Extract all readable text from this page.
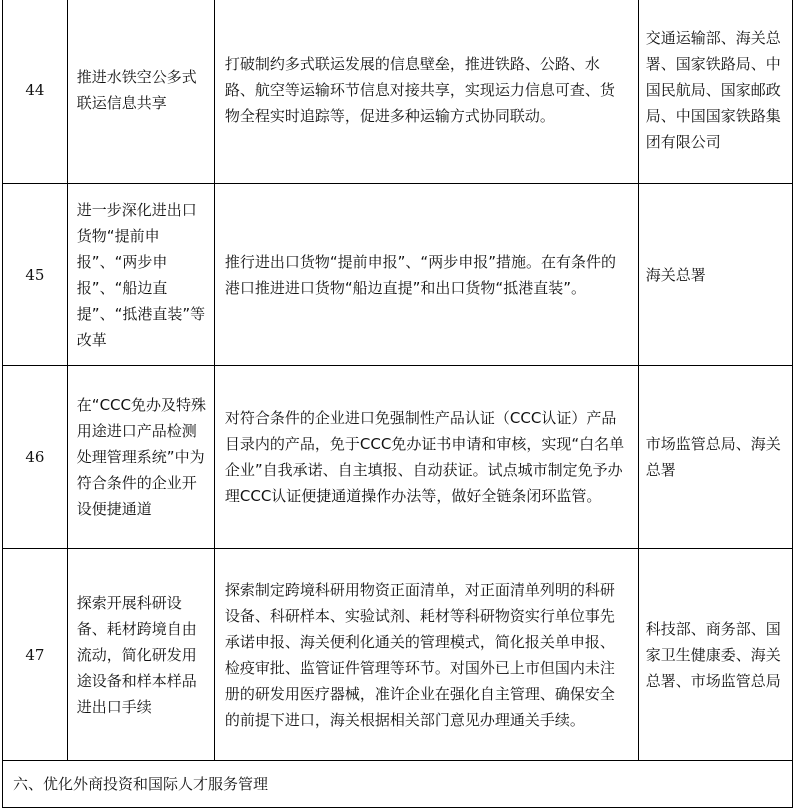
44	推进水铁空公多式联运信息共享	打破制约多式联运发展的信息壁垒，推进铁路、公路、水路、航空等运输环节信息对接共享，实现运力信息可查、货物全程实时追踪等，促进多种运输方式协同联动。	交通运输部、海关总署、国家铁路局、中国民航局、国家邮政局、中国国家铁路集团有限公司
45	进一步深化进出口货物“提前申报”、“两步申报”、“船边直提”、“抵港直装”等改革	推行进出口货物“提前申报”、“两步申报”措施。在有条件的港口推进进口货物“船边直提”和出口货物“抵港直装”。	海关总署
46	在“CCC免办及特殊用途进口产品检测处理管理系统”中为符合条件的企业开设便捷通道	对符合条件的企业进口免强制性产品认证（CCC认证）产品目录内的产品，免于CCC免办证书申请和审核，实现“白名单企业”自我承诺、自主填报、自动获证。试点城市制定免予办理CCC认证便捷通道操作办法等，做好全链条闭环监管。	市场监管总局、海关总署
47	探索开展科研设备、耗材跨境自由流动，简化研发用途设备和样本样品进出口手续	探索制定跨境科研用物资正面清单，对正面清单列明的科研设备、科研样本、实验试剂、耗材等科研物资实行单位事先承诺申报、海关便利化通关的管理模式，简化报关单申报、检疫审批、监管证件管理等环节。对国外已上市但国内未注册的研发用医疗器械，准许企业在强化自主管理、确保安全的前提下进口，海关根据相关部门意见办理通关手续。	科技部、商务部、国家卫生健康委、海关总署、市场监管总局
六、优化外商投资和国际人才服务管理			
